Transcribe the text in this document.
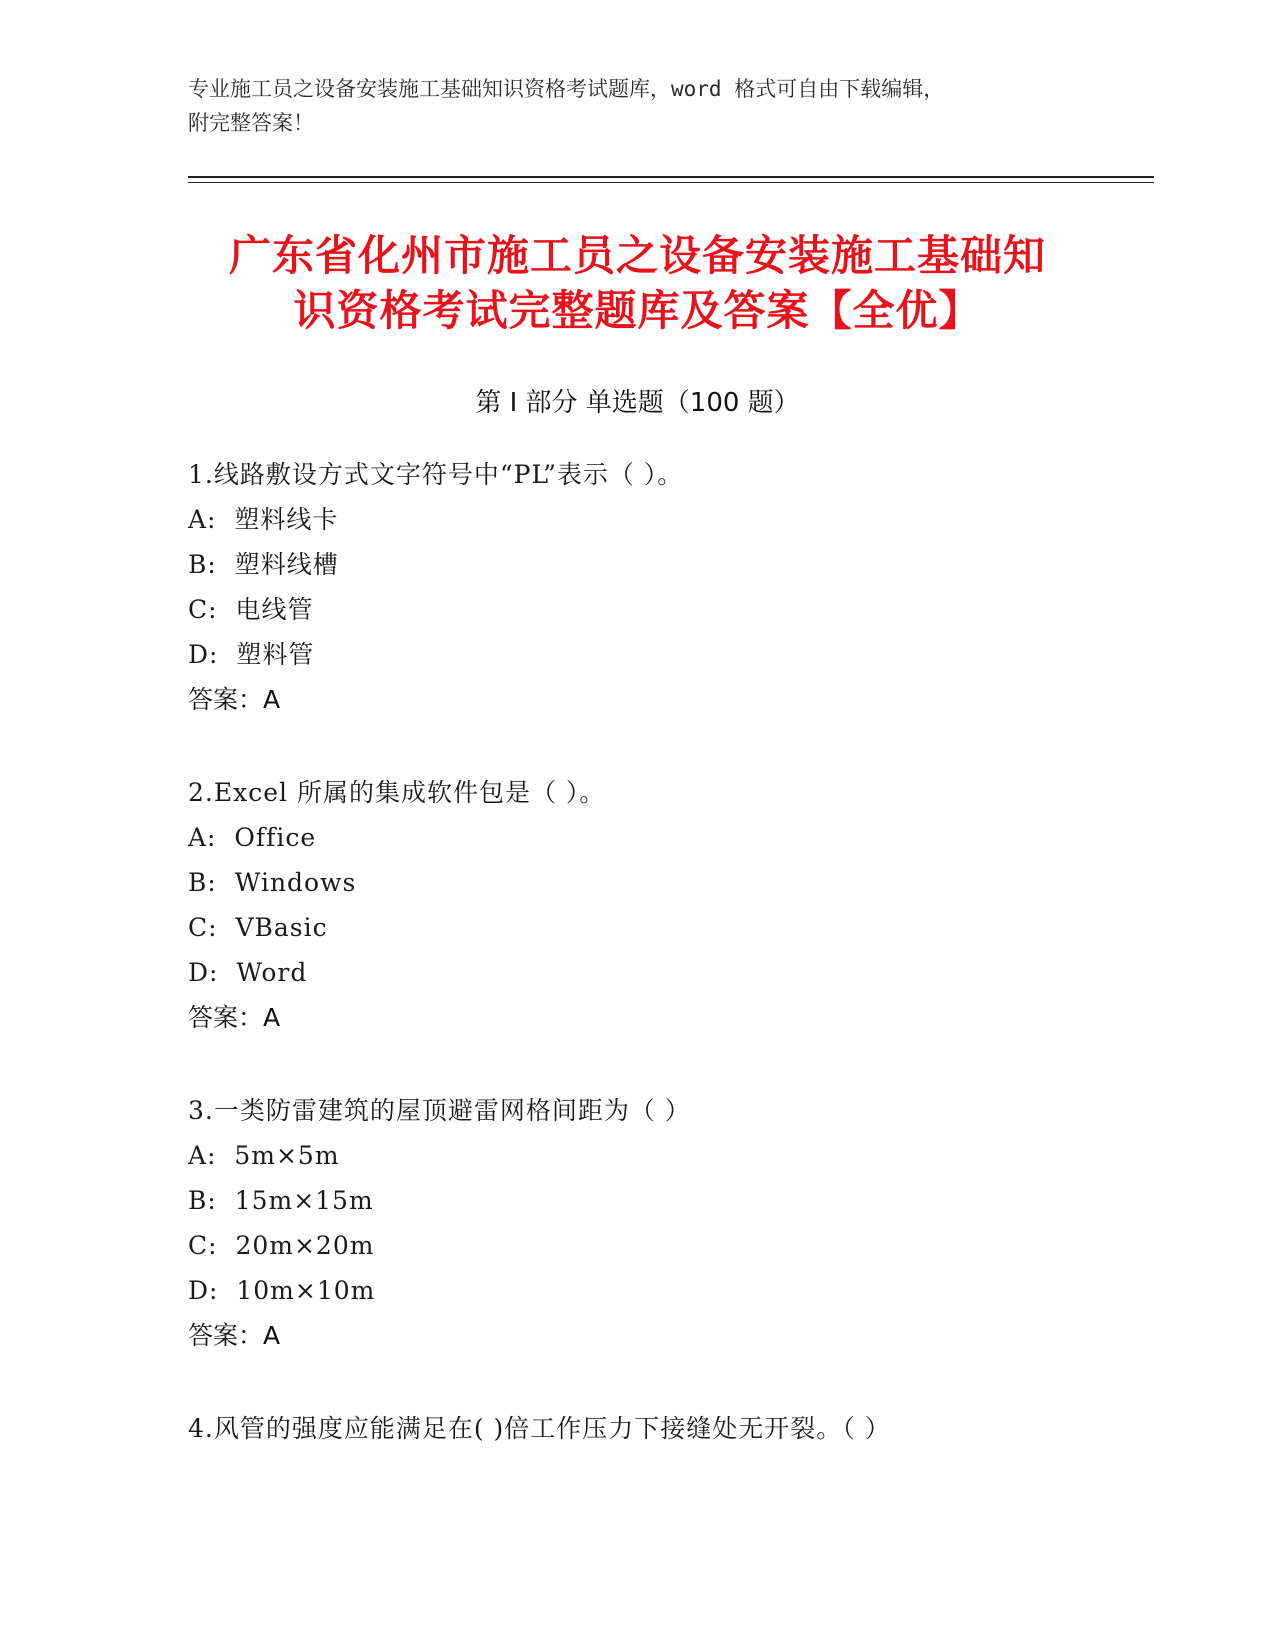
专业施工员之设备安装施工基础知识资格考试题库，word 格式可自由下载编辑，
附完整答案！
广东省化州市施工员之设备安装施工基础知
识资格考试完整题库及答案【全优】
第 I 部分 单选题（100 题）
1.线路敷设方式文字符号中“PL”表示（ ）。
A:  塑料线卡
B:  塑料线槽
C:  电线管
D:  塑料管
答案：A
2.Excel 所属的集成软件包是（ ）。
A:  Office
B:  Windows
C:  VBasic
D:  Word
答案：A
3.一类防雷建筑的屋顶避雷网格间距为（ ）
A:  5m×5m
B:  15m×15m
C:  20m×20m
D:  10m×10m
答案：A
4.风管的强度应能满足在( )倍工作压力下接缝处无开裂。（ ）
